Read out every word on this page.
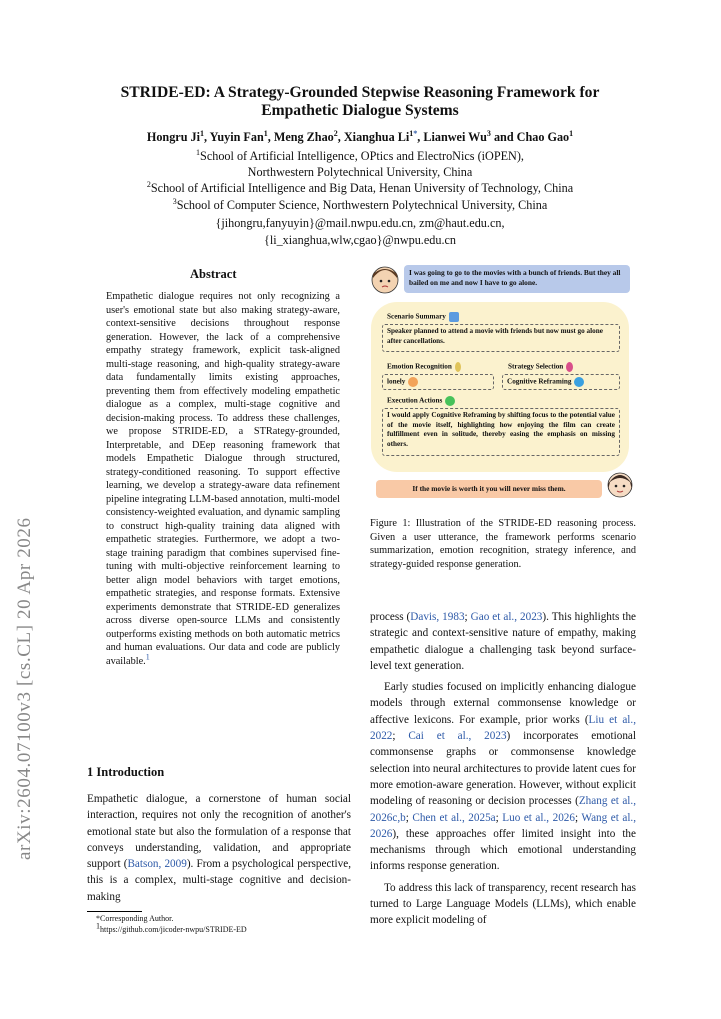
arXiv:2604.07100v3 [cs.CL] 20 Apr 2026
STRIDE-ED: A Strategy-Grounded Stepwise Reasoning Framework for
Empathetic Dialogue Systems
Hongru Ji$^1$, Yuyin Fan$^1$, Meng Zhao$^2$, Xianghua Li$^{1*}$, Lianwei Wu$^3$ and Chao Gao$^1$
$^1$School of Artificial Intelligence, OPtics and ElectroNics (iOPEN),
Northwestern Polytechnical University, China
$^2$School of Artificial Intelligence and Big Data, Henan University of Technology, China
$^3$School of Computer Science, Northwestern Polytechnical University, China
{jihongru,fanyuyin}@mail.nwpu.edu.cn, zm@haut.edu.cn,
{li_xianghua,wlw,cgao}@nwpu.edu.cn
Abstract
Empathetic dialogue requires not only recognizing a user's emotional state but also making strategy-aware, context-sensitive decisions throughout response generation. However, the lack of a comprehensive empathy strategy framework, explicit task-aligned multi-stage reasoning, and high-quality strategy-aware data fundamentally limits existing approaches, preventing them from effectively modeling empathetic dialogue as a complex, multi-stage cognitive and decision-making process. To address these challenges, we propose STRIDE-ED, a STRategy-grounded, Interpretable, and DEep reasoning framework that models Empathetic Dialogue through structured, strategy-conditioned reasoning. To support effective learning, we develop a strategy-aware data refinement pipeline integrating LLM-based annotation, multi-model consistency-weighted evaluation, and dynamic sampling to construct high-quality training data aligned with empathetic strategies. Furthermore, we adopt a two-stage training paradigm that combines supervised fine-tuning with multi-objective reinforcement learning to better align model behaviors with target emotions, empathetic strategies, and response formats. Extensive experiments demonstrate that STRIDE-ED generalizes across diverse open-source LLMs and consistently outperforms existing methods on both automatic metrics and human evaluations. Our data and code are publicly available.$^1$
1 Introduction
Empathetic dialogue, a cornerstone of human social interaction, requires not only the recognition of another's emotional state but also the formulation of a response that conveys understanding, validation, and appropriate support (Batson, 2009). From a psychological perspective, this is a complex, multi-stage cognitive and decision-making
*Corresponding Author.
$^1$https://github.com/jicoder-nwpu/STRIDE-ED
I was going to go to the movies with a bunch of friends. But they all bailed on me and now I have to go alone.
Scenario Summary
Speaker planned to attend a movie with friends but now must go alone after cancellations.
Emotion Recognition
lonely
Strategy Selection
Cognitive Reframing
Execution Actions
I would apply Cognitive Reframing by shifting focus to the potential value of the movie itself, highlighting how enjoying the film can create fulfillment even in solitude, thereby easing the emphasis on missing others.
If the movie is worth it you will never miss them.
Figure 1: Illustration of the STRIDE-ED reasoning process. Given a user utterance, the framework performs scenario summarization, emotion recognition, strategy inference, and strategy-guided response generation.

process (Davis, 1983; Gao et al., 2023). This highlights the strategic and context-sensitive nature of empathy, making empathetic dialogue a challenging task beyond surface-level text generation.

Early studies focused on implicitly enhancing dialogue models through external commonsense knowledge or affective lexicons. For example, prior works (Liu et al., 2022; Cai et al., 2023) incorporates emotional commonsense graphs or commonsense knowledge selection into neural architectures to provide latent cues for more emotion-aware generation. However, without explicit modeling of reasoning or decision processes (Zhang et al., 2026c,b; Chen et al., 2025a; Luo et al., 2026; Wang et al., 2026), these approaches offer limited insight into the mechanisms through which emotional understanding informs response generation.

To address this lack of transparency, recent research has turned to Large Language Models (LLMs), which enable more explicit modeling of
